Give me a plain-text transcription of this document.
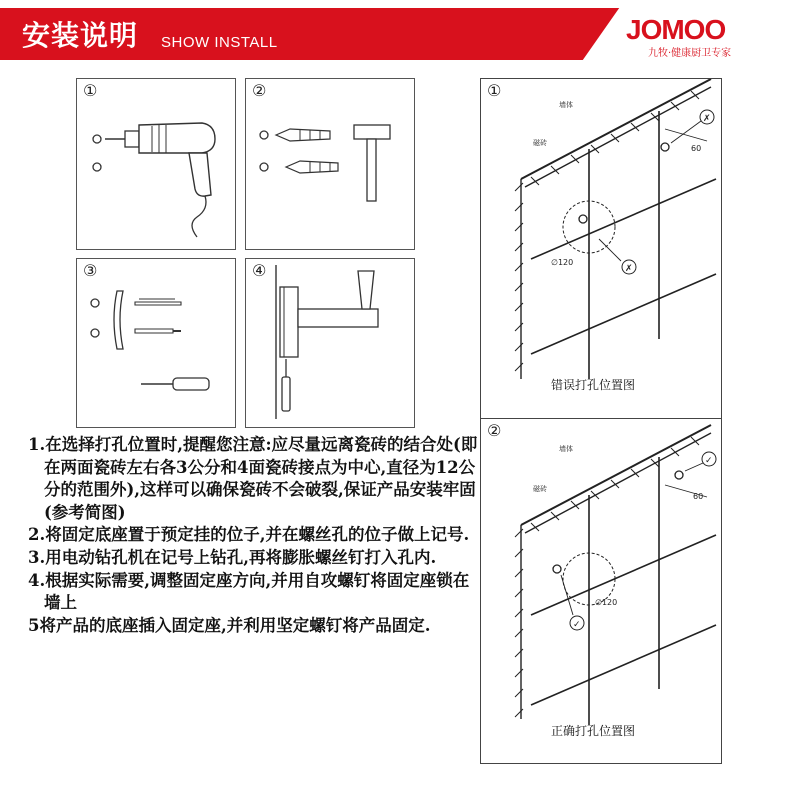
安装说明 SHOW INSTALL	JOMOO
九牧·健康厨卫专家
①	②
③	④

1.在选择打孔位置时,提醒您注意:应尽量远离瓷砖的结合处(即在两面瓷砖左右各3公分和4面瓷砖接点为中心,直径为12公分的范围外),这样可以确保瓷砖不会破裂,保证产品安装牢固(参考简图)

2.将固定底座置于预定挂的位子,并在螺丝孔的位子做上记号.

3.用电动钻孔机在记号上钻孔,再将膨胀螺丝钉打入孔内.

4.根据实际需要,调整固定座方向,并用自攻螺钉将固定座锁在墙上

5将产品的底座插入固定座,并利用坚定螺钉将产品固定.

①
墙体
磁砖
60
∅120
✗
✗
错误打孔位置图
②
墙体
磁砖
60
∅120
✓
✓
正确打孔位置图
